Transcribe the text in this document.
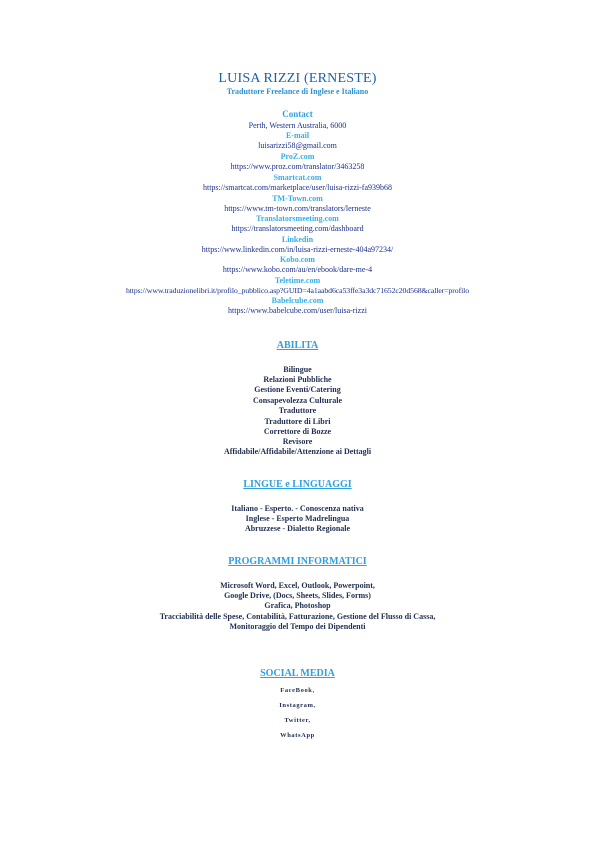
LUISA RIZZI (ERNESTE)
Traduttore Freelance di Inglese e Italiano
Contact
Perth, Western Australia, 6000
E-mail
luisarizzi58@gmail.com
ProZ.com
https://www.proz.com/translator/3463258
Smartcat.com
https://smartcat.com/marketplace/user/luisa-rizzi-fa939b68
TM-Town.com
https://www.tm-town.com/translators/lerneste
Translatorsmeeting.com
https://translatorsmeeting.com/dashboard
Linkedin
https://www.linkedin.com/in/luisa-rizzi-erneste-404a97234/
Kobo.com
https://www.kobo.com/au/en/ebook/dare-me-4
Teletime.com
https://www.traduzionelibri.it/profilo_pubblico.asp?GUID=4a1aabd6ca53ffe3a3dc71652c20d568&caller=profilo
Babelcube.com
https://www.babelcube.com/user/luisa-rizzi
ABILITA
Bilingue
Relazioni Pubbliche
Gestione Eventi/Catering
Consapevolezza Culturale
Traduttore
Traduttore di Libri
Correttore di Bozze
Revisore
Affidabile/Affidabile/Attenzione ai Dettagli
LINGUE e LINGUAGGI
Italiano - Esperto. - Conoscenza nativa
Inglese - Esperto Madrelingua
Abruzzese - Dialetto Regionale
PROGRAMMI INFORMATICI
Microsoft Word, Excel, Outlook, Powerpoint,
Google Drive, (Docs, Sheets, Slides, Forms)
Grafica, Photoshop
Tracciabilità delle Spese, Contabilità, Fatturazione, Gestione del Flusso di Cassa,
Monitoraggio del Tempo dei Dipendenti
SOCIAL MEDIA
FaceBook,
Instagram,
Twitter,
WhatsApp
